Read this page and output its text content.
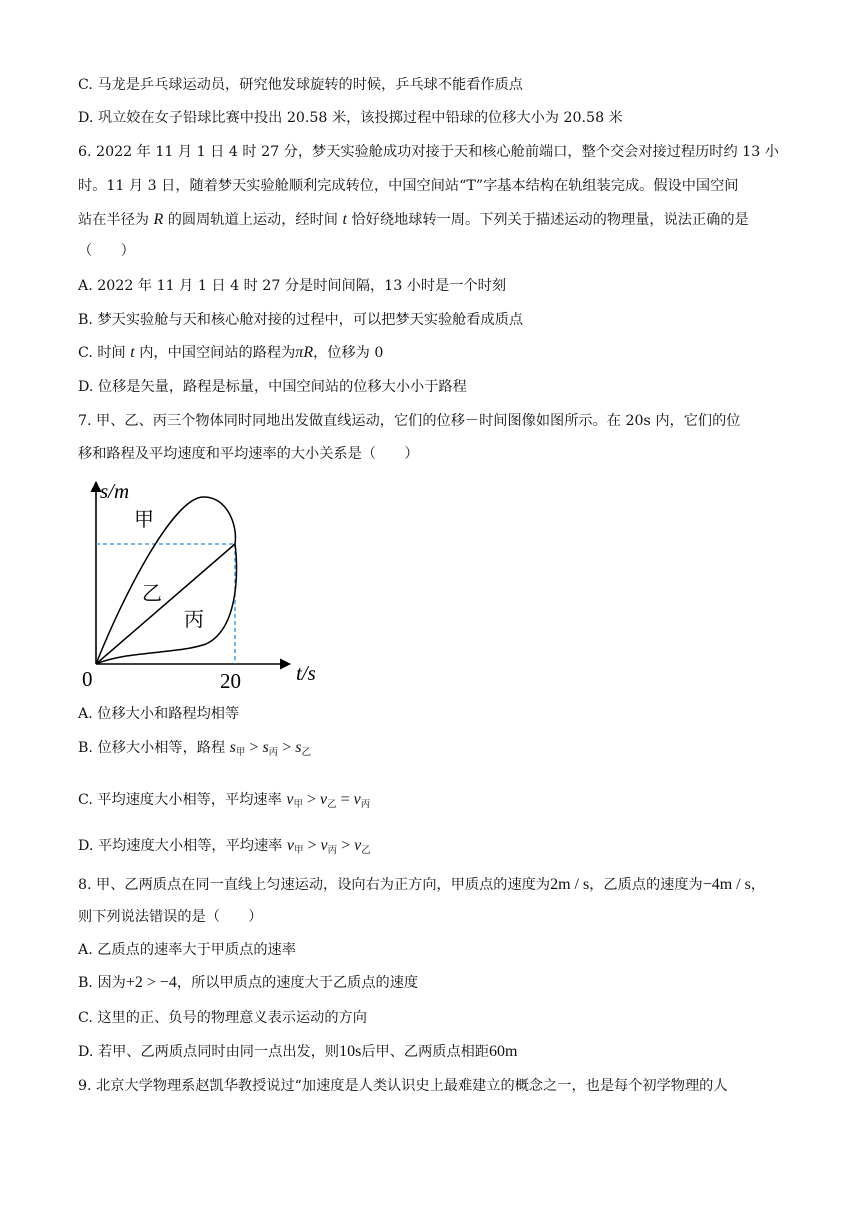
C. 马龙是乒乓球运动员，研究他发球旋转的时候，乒乓球不能看作质点
D. 巩立姣在女子铅球比赛中投出 20.58 米，该投掷过程中铅球的位移大小为 20.58 米
6. 2022 年 11 月 1 日 4 时 27 分，梦天实验舱成功对接于天和核心舱前端口，整个交会对接过程历时约 13 小
时。11 月 3 日，随着梦天实验舱顺利完成转位，中国空间站“T”字基本结构在轨组装完成。假设中国空间
站在半径为 R 的圆周轨道上运动，经时间 t 恰好绕地球转一周。下列关于描述运动的物理量，说法正确的是
（　　）
A. 2022 年 11 月 1 日 4 时 27 分是时间间隔，13 小时是一个时刻
B. 梦天实验舱与天和核心舱对接的过程中，可以把梦天实验舱看成质点
C. 时间 t 内，中国空间站的路程为πR，位移为 0
D. 位移是矢量，路程是标量，中国空间站的位移大小小于路程
7. 甲、乙、丙三个物体同时同地出发做直线运动，它们的位移－时间图像如图所示。在 20s 内，它们的位
移和路程及平均速度和平均速率的大小关系是（　　）
s/m
t/s
0	20
甲
乙
丙
A. 位移大小和路程均相等
B. 位移大小相等，路程 $s_甲 > s_丙 > s_乙$
C. 平均速度大小相等，平均速率 $v_甲 > v_乙 = v_丙$
D. 平均速度大小相等，平均速率 $v_甲 > v_丙 > v_乙$
8. 甲、乙两质点在同一直线上匀速运动，设向右为正方向，甲质点的速度为2m / s，乙质点的速度为−4m / s，
则下列说法错误的是（　　）
A. 乙质点的速率大于甲质点的速率
B. 因为+2 > −4，所以甲质点的速度大于乙质点的速度
C. 这里的正、负号的物理意义表示运动的方向
D. 若甲、乙两质点同时由同一点出发，则10s后甲、乙两质点相距60m
9. 北京大学物理系赵凯华教授说过“加速度是人类认识史上最难建立的概念之一，也是每个初学物理的人
